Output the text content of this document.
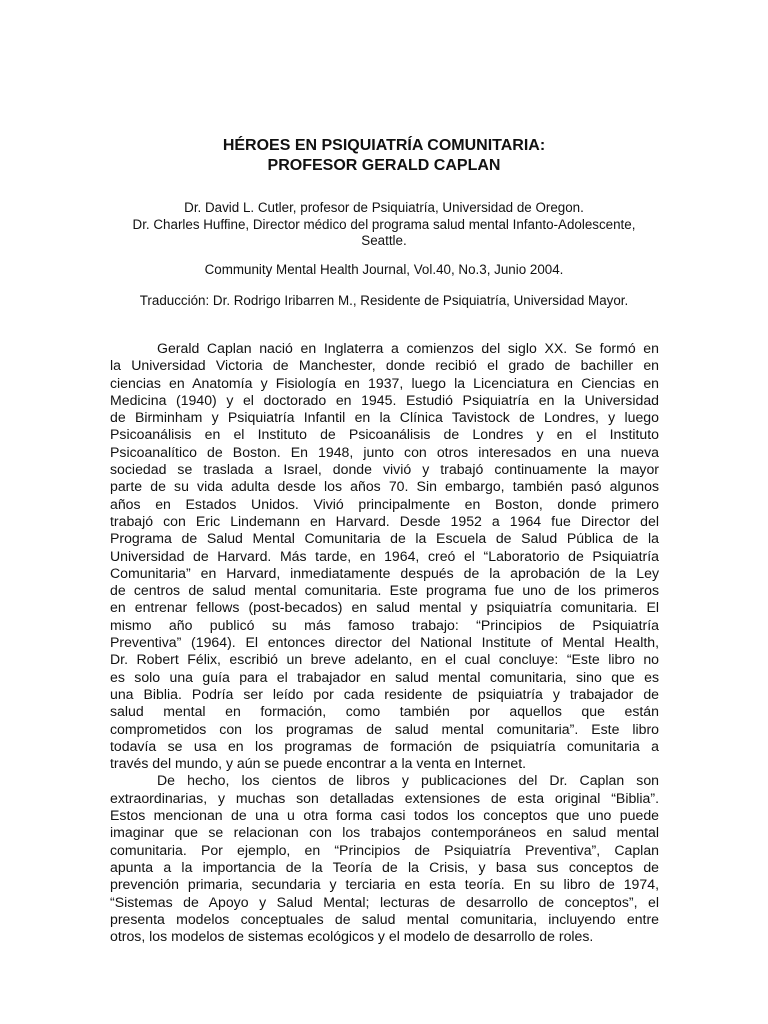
HÉROES EN PSIQUIATRÍA COMUNITARIA:
PROFESOR GERALD CAPLAN
Dr. David L. Cutler, profesor de Psiquiatría, Universidad de Oregon.
Dr. Charles Huffine, Director médico del programa salud mental Infanto-Adolescente,
Seattle.
Community Mental Health Journal, Vol.40, No.3, Junio 2004.
Traducción: Dr. Rodrigo Iribarren M., Residente de Psiquiatría, Universidad Mayor.
Gerald Caplan nació en Inglaterra a comienzos del siglo XX. Se formó en
la Universidad Victoria de Manchester, donde recibió el grado de bachiller en
ciencias en Anatomía y Fisiología en 1937, luego la Licenciatura en Ciencias en
Medicina (1940) y el doctorado en 1945. Estudió Psiquiatría en la Universidad
de Birminham y Psiquiatría Infantil en la Clínica Tavistock de Londres, y luego
Psicoanálisis en el Instituto de Psicoanálisis de Londres y en el Instituto
Psicoanalítico de Boston. En 1948, junto con otros interesados en una nueva
sociedad se traslada a Israel, donde vivió y trabajó continuamente la mayor
parte de su vida adulta desde los años 70. Sin embargo, también pasó algunos
años en Estados Unidos. Vivió principalmente en Boston, donde primero
trabajó con Eric Lindemann en Harvard. Desde 1952 a 1964 fue Director del
Programa de Salud Mental Comunitaria de la Escuela de Salud Pública de la
Universidad de Harvard. Más tarde, en 1964, creó el “Laboratorio de Psiquiatría
Comunitaria” en Harvard, inmediatamente después de la aprobación de la Ley
de centros de salud mental comunitaria. Este programa fue uno de los primeros
en entrenar fellows (post-becados) en salud mental y psiquiatría comunitaria. El
mismo año publicó su más famoso trabajo: “Principios de Psiquiatría
Preventiva” (1964). El entonces director del National Institute of Mental Health,
Dr. Robert Félix, escribió un breve adelanto, en el cual concluye: “Este libro no
es solo una guía para el trabajador en salud mental comunitaria, sino que es
una Biblia. Podría ser leído por cada residente de psiquiatría y trabajador de
salud mental en formación, como también por aquellos que están
comprometidos con los programas de salud mental comunitaria”. Este libro
todavía se usa en los programas de formación de psiquiatría comunitaria a
través del mundo, y aún se puede encontrar a la venta en Internet.
De hecho, los cientos de libros y publicaciones del Dr. Caplan son
extraordinarias, y muchas son detalladas extensiones de esta original “Biblia”.
Estos mencionan de una u otra forma casi todos los conceptos que uno puede
imaginar que se relacionan con los trabajos contemporáneos en salud mental
comunitaria. Por ejemplo, en “Principios de Psiquiatría Preventiva”, Caplan
apunta a la importancia de la Teoría de la Crisis, y basa sus conceptos de
prevención primaria, secundaria y terciaria en esta teoría. En su libro de 1974,
“Sistemas de Apoyo y Salud Mental; lecturas de desarrollo de conceptos”, el
presenta modelos conceptuales de salud mental comunitaria, incluyendo entre
otros, los modelos de sistemas ecológicos y el modelo de desarrollo de roles.
